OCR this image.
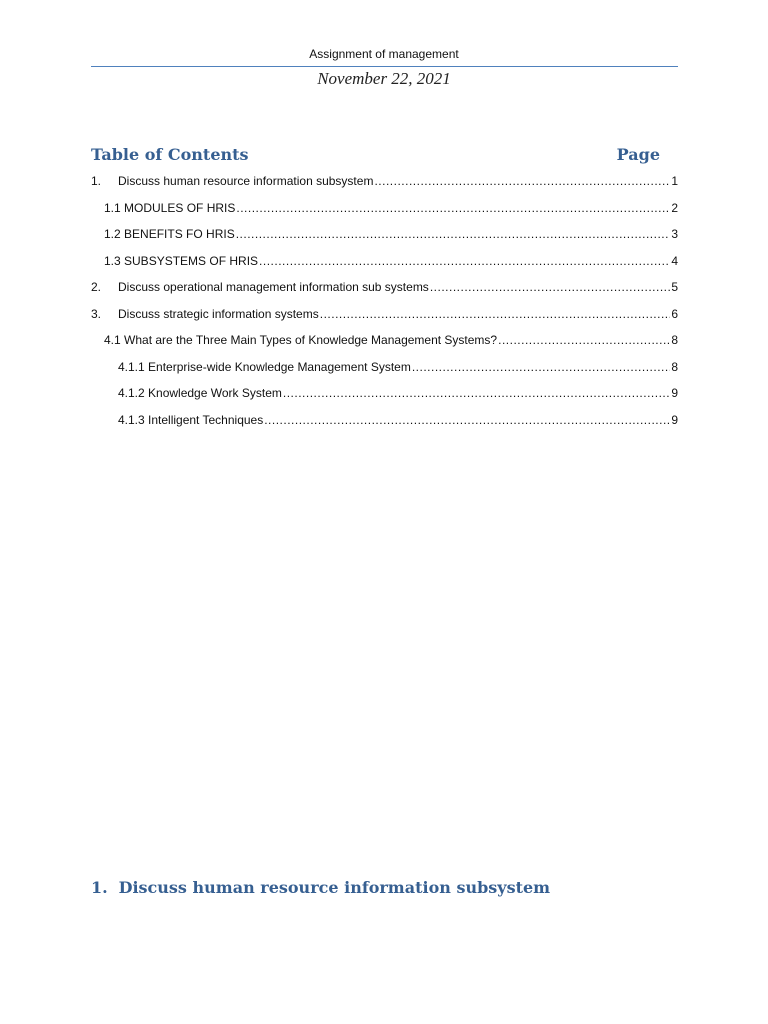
Assignment of management
November 22, 2021
Table of Contents	Page
1.	Discuss human resource information subsystem .....	1
1.1 MODULES OF HRIS .....	2
1.2 BENEFITS FO HRIS .....	3
1.3 SUBSYSTEMS OF HRIS .....	4
2.	Discuss operational management information sub systems .....	5
3.	Discuss strategic information systems .....	6
4.1 What are the Three Main Types of Knowledge Management Systems? .....	8
4.1.1 Enterprise-wide Knowledge Management System .....	8
4.1.2 Knowledge Work System .....	9
4.1.3 Intelligent Techniques .....	9
1. Discuss human resource information subsystem
